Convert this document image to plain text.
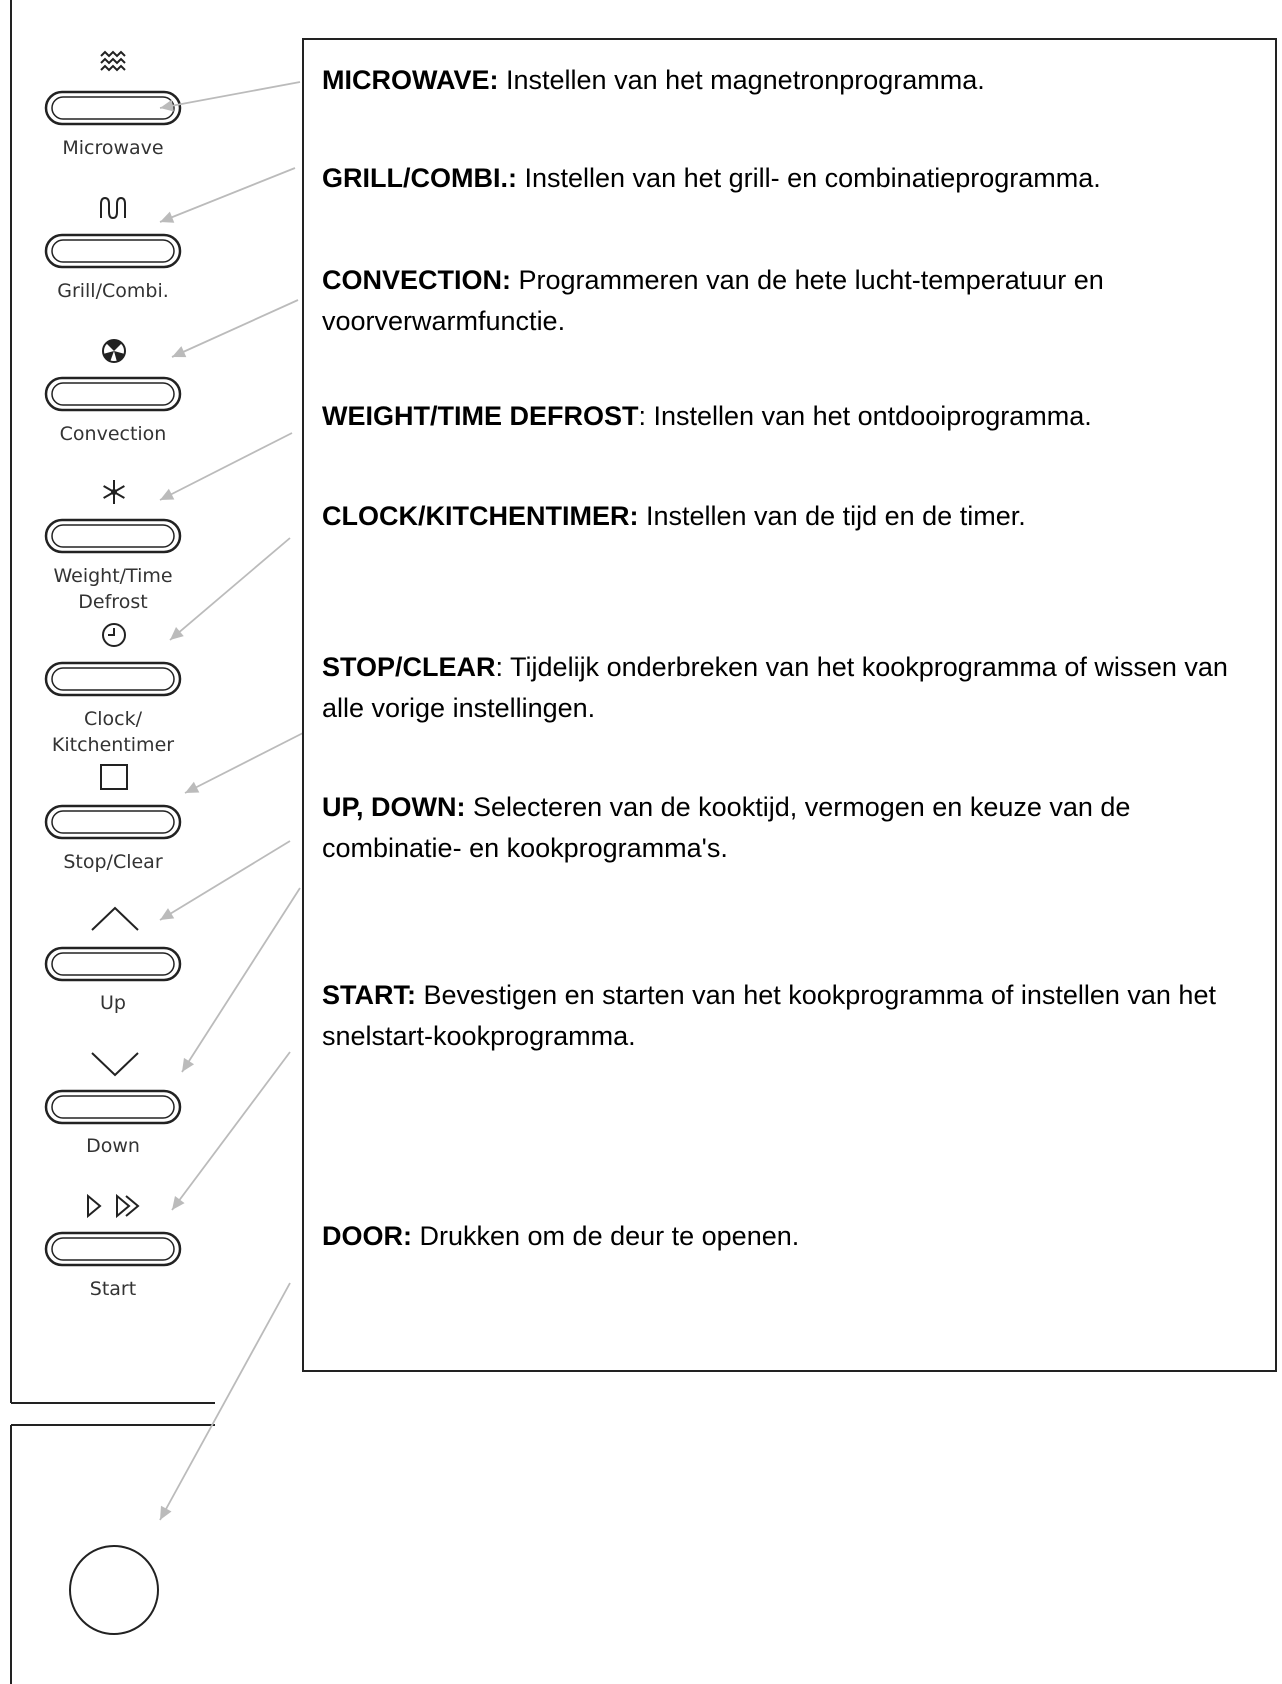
Microwave
Grill/Combi.
Convection
Weight/Time
Defrost
Clock/
Kitchentimer
Stop/Clear
Up
Down
Start
MICROWAVE: Instellen van het magnetronprogramma.
GRILL/COMBI.: Instellen van het grill- en combinatieprogramma.
CONVECTION: Programmeren van de hete lucht-temperatuur en voorverwarmfunctie.
WEIGHT/TIME DEFROST: Instellen van het ontdooiprogramma.
CLOCK/KITCHENTIMER: Instellen van de tijd en de timer.
STOP/CLEAR: Tijdelijk onderbreken van het kookprogramma of wissen van alle vorige instellingen.
UP, DOWN: Selecteren van de kooktijd, vermogen en keuze van de combinatie- en kookprogramma's.
START: Bevestigen en starten van het kookprogramma of instellen van het snelstart-kookprogramma.
DOOR: Drukken om de deur te openen.
